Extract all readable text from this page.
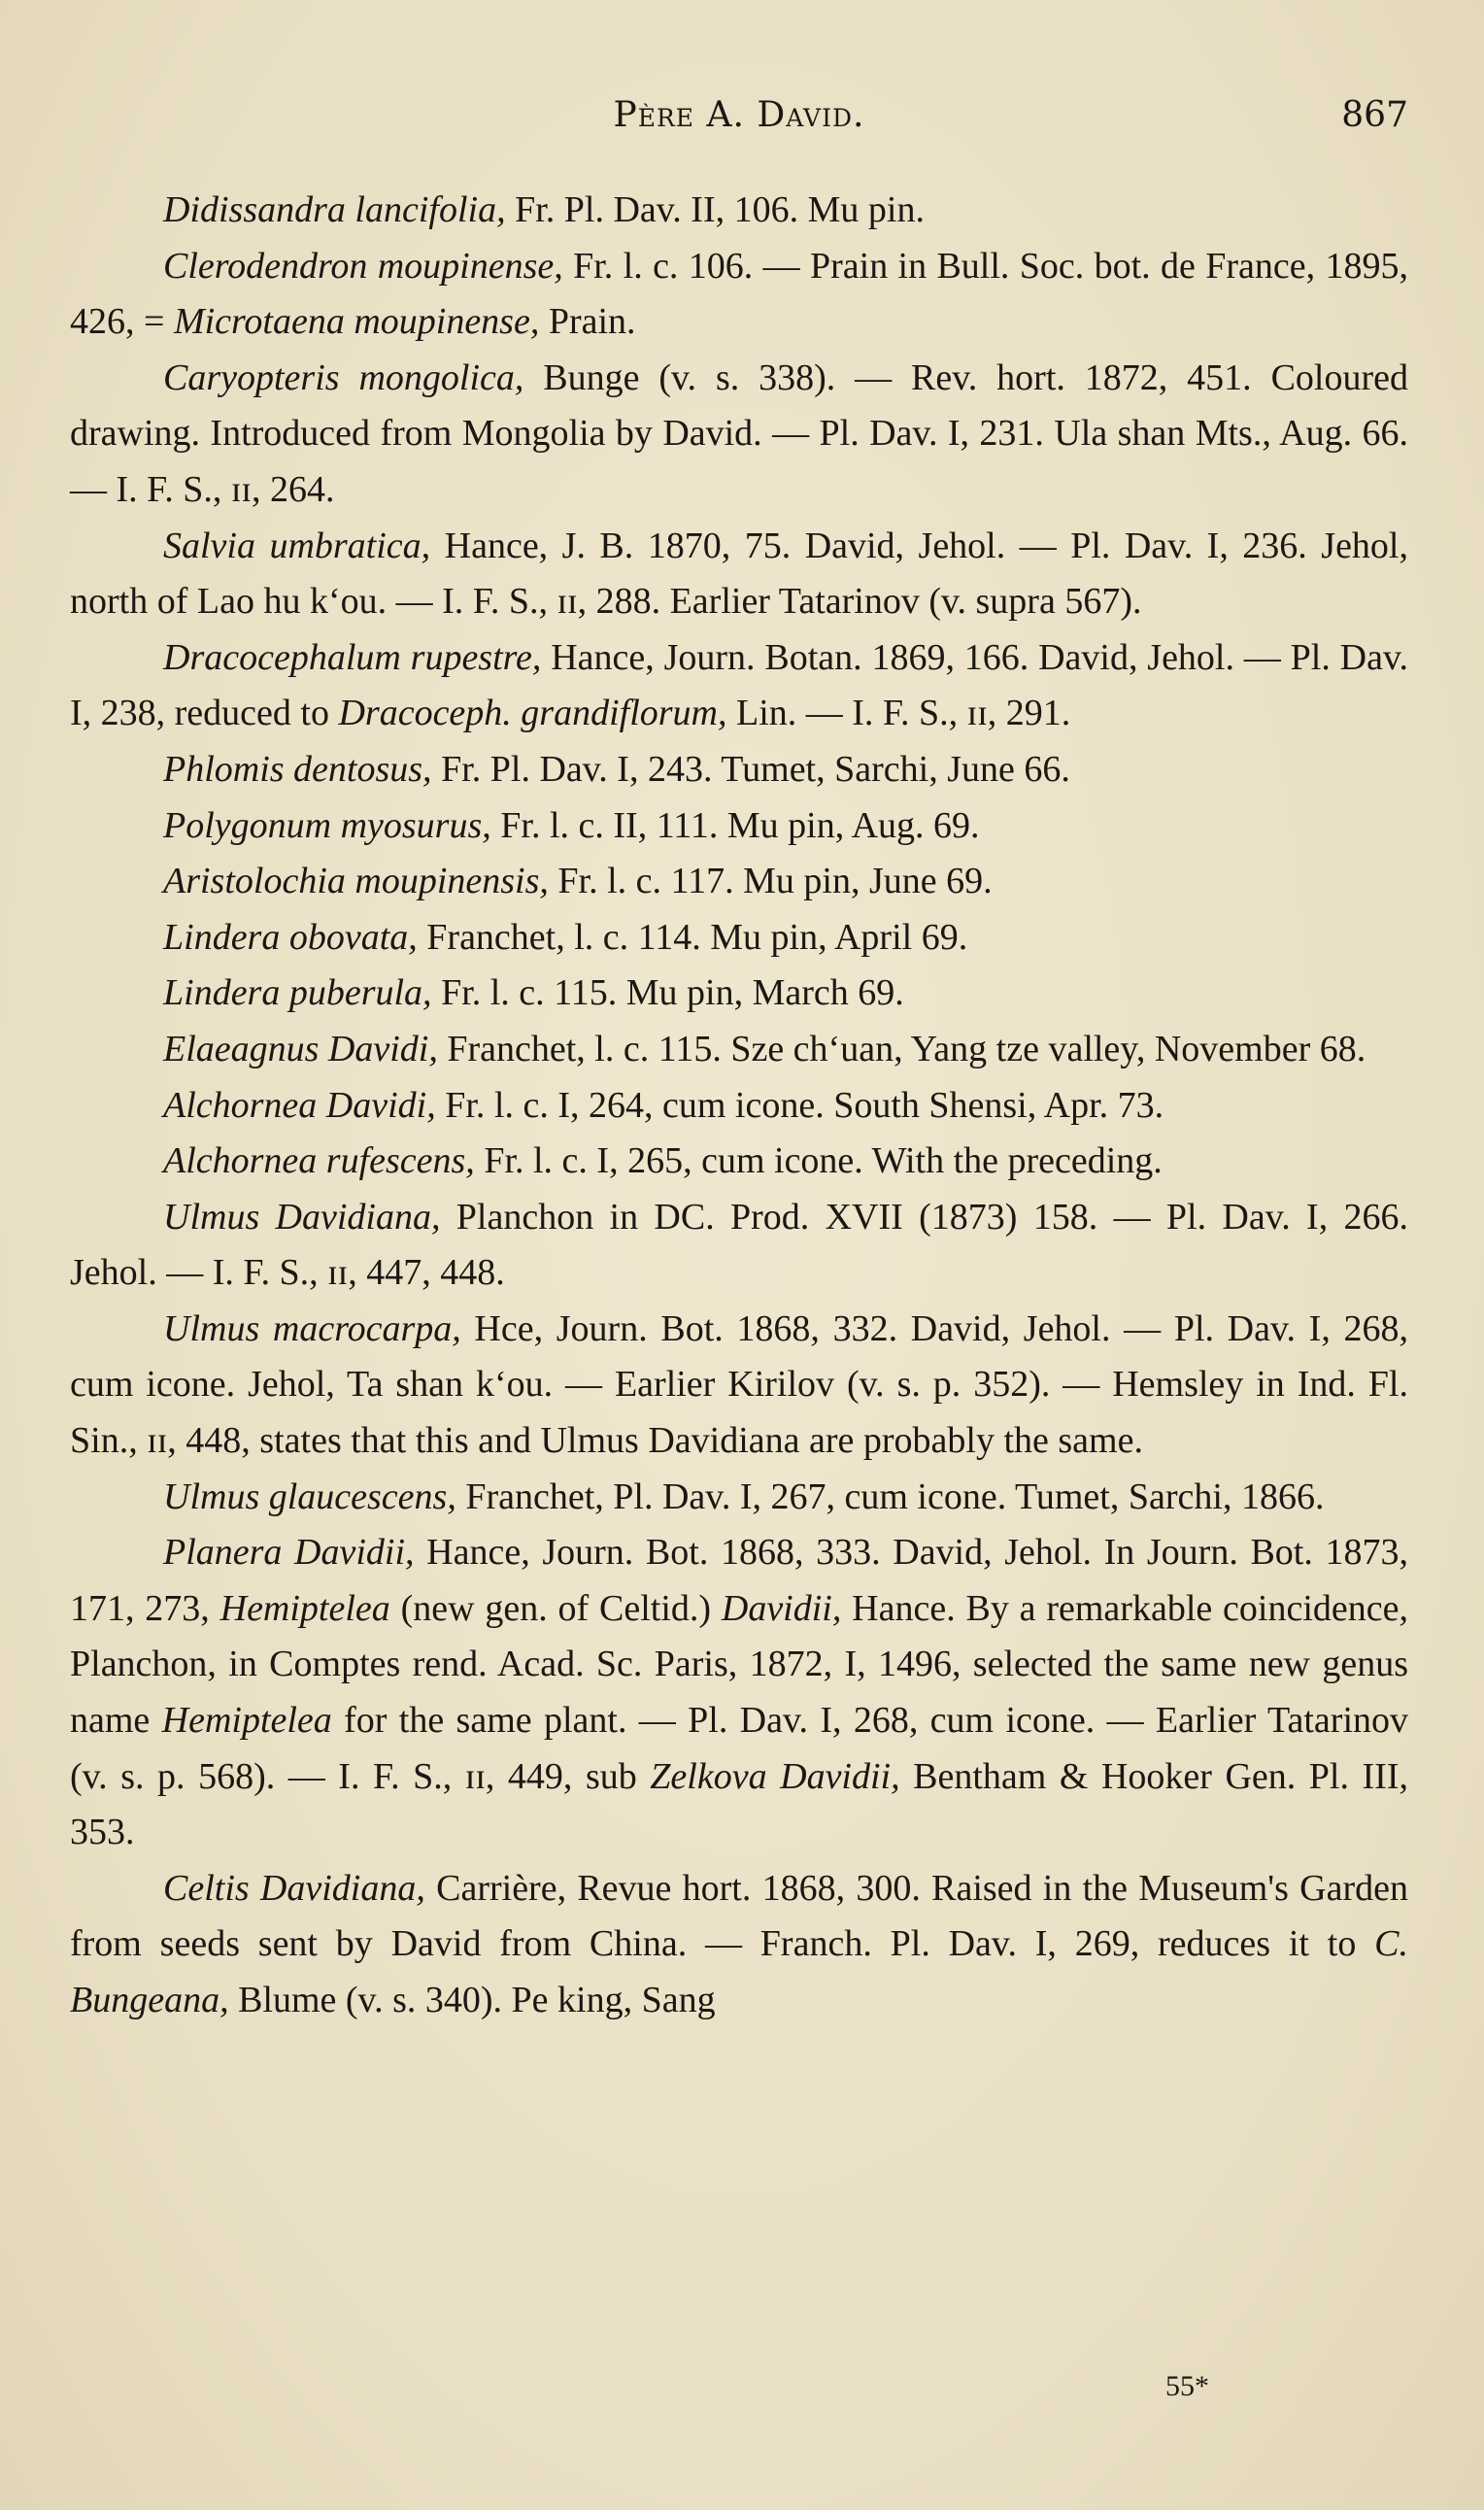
Père A. David.	867

Didissandra lancifolia, Fr. Pl. Dav. II, 106. Mu pin.

Clerodendron moupinense, Fr. l. c. 106. — Prain in Bull. Soc. bot. de France, 1895, 426, = Microtaena moupinense, Prain.

Caryopteris mongolica, Bunge (v. s. 338). — Rev. hort. 1872, 451. Coloured drawing. Introduced from Mongolia by David. — Pl. Dav. I, 231. Ula shan Mts., Aug. 66. — I. F. S., ɪɪ, 264.

Salvia umbratica, Hance, J. B. 1870, 75. David, Jehol. — Pl. Dav. I, 236. Jehol, north of Lao hu kʻou. — I. F. S., ɪɪ, 288. Earlier Tatarinov (v. supra 567).

Dracocephalum rupestre, Hance, Journ. Botan. 1869, 166. David, Jehol. — Pl. Dav. I, 238, reduced to Dracoceph. grandiflorum, Lin. — I. F. S., ɪɪ, 291.

Phlomis dentosus, Fr. Pl. Dav. I, 243. Tumet, Sarchi, June 66.

Polygonum myosurus, Fr. l. c. II, 111. Mu pin, Aug. 69.

Aristolochia moupinensis, Fr. l. c. 117. Mu pin, June 69.

Lindera obovata, Franchet, l. c. 114. Mu pin, April 69.

Lindera puberula, Fr. l. c. 115. Mu pin, March 69.

Elaeagnus Davidi, Franchet, l. c. 115. Sze chʻuan, Yang tze valley, November 68.

Alchornea Davidi, Fr. l. c. I, 264, cum icone. South Shensi, Apr. 73.

Alchornea rufescens, Fr. l. c. I, 265, cum icone. With the preceding.

Ulmus Davidiana, Planchon in DC. Prod. XVII (1873) 158. — Pl. Dav. I, 266. Jehol. — I. F. S., ɪɪ, 447, 448.

Ulmus macrocarpa, Hce, Journ. Bot. 1868, 332. David, Jehol. — Pl. Dav. I, 268, cum icone. Jehol, Ta shan kʻou. — Earlier Kirilov (v. s. p. 352). — Hemsley in Ind. Fl. Sin., ɪɪ, 448, states that this and Ulmus Davidiana are probably the same.

Ulmus glaucescens, Franchet, Pl. Dav. I, 267, cum icone. Tumet, Sarchi, 1866.

Planera Davidii, Hance, Journ. Bot. 1868, 333. David, Jehol. In Journ. Bot. 1873, 171, 273, Hemiptelea (new gen. of Celtid.) Davidii, Hance. By a remarkable coincidence, Planchon, in Comptes rend. Acad. Sc. Paris, 1872, I, 1496, selected the same new genus name Hemiptelea for the same plant. — Pl. Dav. I, 268, cum icone. — Earlier Tatarinov (v. s. p. 568). — I. F. S., ɪɪ, 449, sub Zelkova Davidii, Bentham & Hooker Gen. Pl. III, 353.

Celtis Davidiana, Carrière, Revue hort. 1868, 300. Raised in the Museum's Garden from seeds sent by David from China. — Franch. Pl. Dav. I, 269, reduces it to C. Bungeana, Blume (v. s. 340). Pe king, Sang

55*
